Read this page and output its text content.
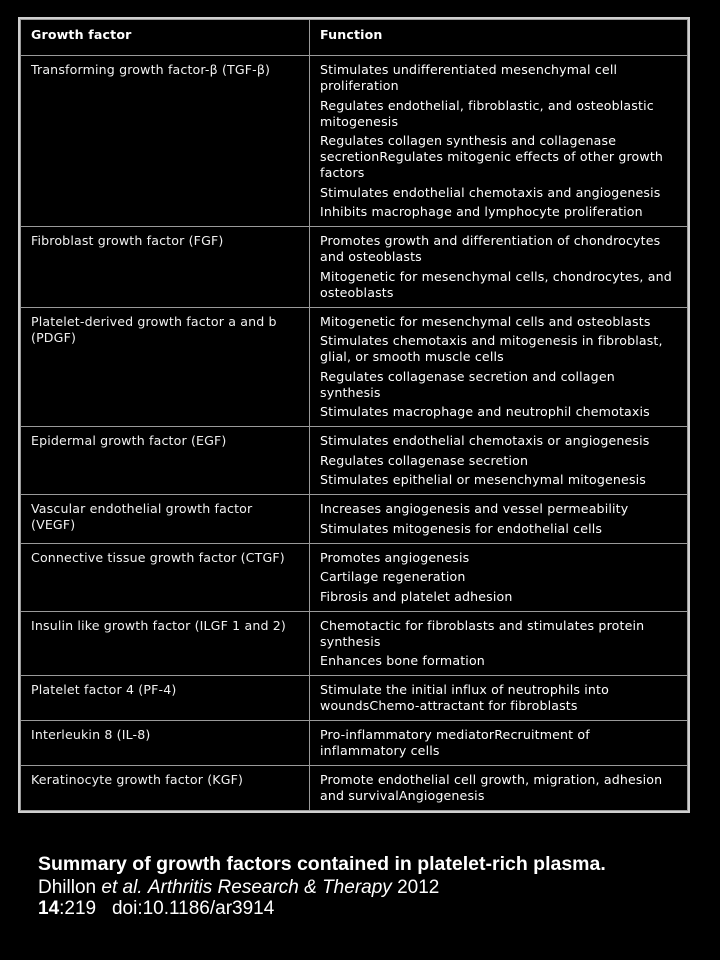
Growth factor	Function
Transforming growth factor-β (TGF-β)	Stimulates undifferentiated mesenchymal cell proliferation
Regulates endothelial, fibroblastic, and osteoblastic mitogenesis
Regulates collagen synthesis and collagenase secretionRegulates mitogenic effects of other growth factors
Stimulates endothelial chemotaxis and angiogenesis
Inhibits macrophage and lymphocyte proliferation

Fibroblast growth factor (FGF)	Promotes growth and differentiation of chondrocytes and osteoblasts
Mitogenetic for mesenchymal cells, chondrocytes, and osteoblasts

Platelet-derived growth factor a and b (PDGF)	Mitogenetic for mesenchymal cells and osteoblasts
Stimulates chemotaxis and mitogenesis in fibroblast, glial, or smooth muscle cells
Regulates collagenase secretion and collagen synthesis
Stimulates macrophage and neutrophil chemotaxis

Epidermal growth factor (EGF)	Stimulates endothelial chemotaxis or angiogenesis
Regulates collagenase secretion
Stimulates epithelial or mesenchymal mitogenesis

Vascular endothelial growth factor (VEGF)	Increases angiogenesis and vessel permeability
Stimulates mitogenesis for endothelial cells

Connective tissue growth factor (CTGF)	Promotes angiogenesis
Cartilage regeneration
Fibrosis and platelet adhesion

Insulin like growth factor (ILGF 1 and 2)	Chemotactic for fibroblasts and stimulates protein synthesis
Enhances bone formation

Platelet factor 4 (PF-4)	Stimulate the initial influx of neutrophils into woundsChemo-attractant for fibroblasts

Interleukin 8 (IL-8)	Pro-inflammatory mediatorRecruitment of inflammatory cells

Keratinocyte growth factor (KGF)	Promote endothelial cell growth, migration, adhesion and survivalAngiogenesis
Summary of growth factors contained in platelet-rich plasma.
Dhillon et al. Arthritis Research & Therapy 2012
14:219 doi:10.1186/ar3914
